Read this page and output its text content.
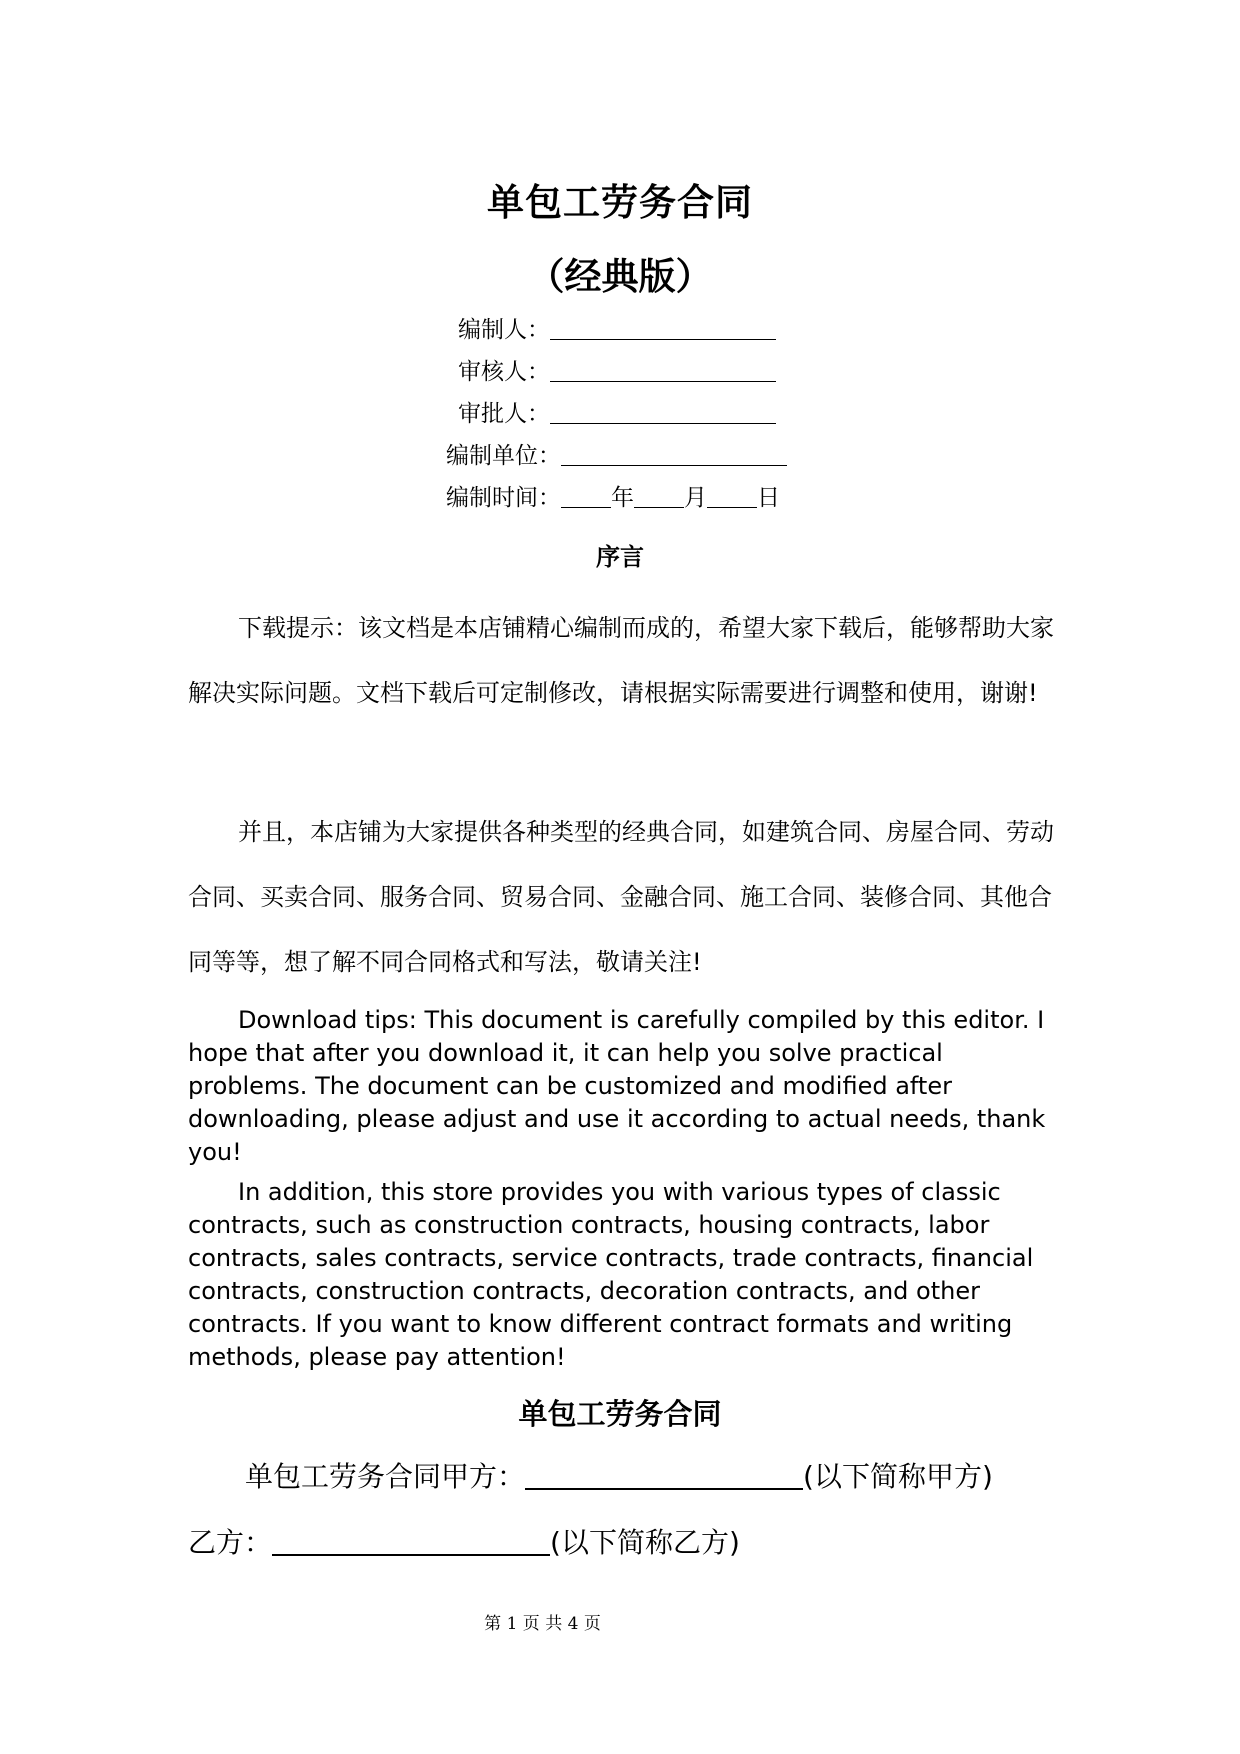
单包工劳务合同
（经典版）
编制人：
审核人：
审批人：
编制单位：
编制时间： 年 月 日
序言
下载提示：该文档是本店铺精心编制而成的，希望大家下载后，能够帮助大家解决实际问题。文档下载后可定制修改，请根据实际需要进行调整和使用，谢谢!
并且，本店铺为大家提供各种类型的经典合同，如建筑合同、房屋合同、劳动合同、买卖合同、服务合同、贸易合同、金融合同、施工合同、装修合同、其他合同等等，想了解不同合同格式和写法，敬请关注!
Download tips: This document is carefully compiled by this editor. I hope that after you download it, it can help you solve practical problems. The document can be customized and modified after downloading, please adjust and use it according to actual needs, thank you!
In addition, this store provides you with various types of classic contracts, such as construction contracts, housing contracts, labor contracts, sales contracts, service contracts, trade contracts, financial contracts, construction contracts, decoration contracts, and other contracts. If you want to know different contract formats and writing methods, please pay attention!
单包工劳务合同
单包工劳务合同甲方：	(以下简称甲方)
乙方：	(以下简称乙方)
第 1 页 共 4 页
